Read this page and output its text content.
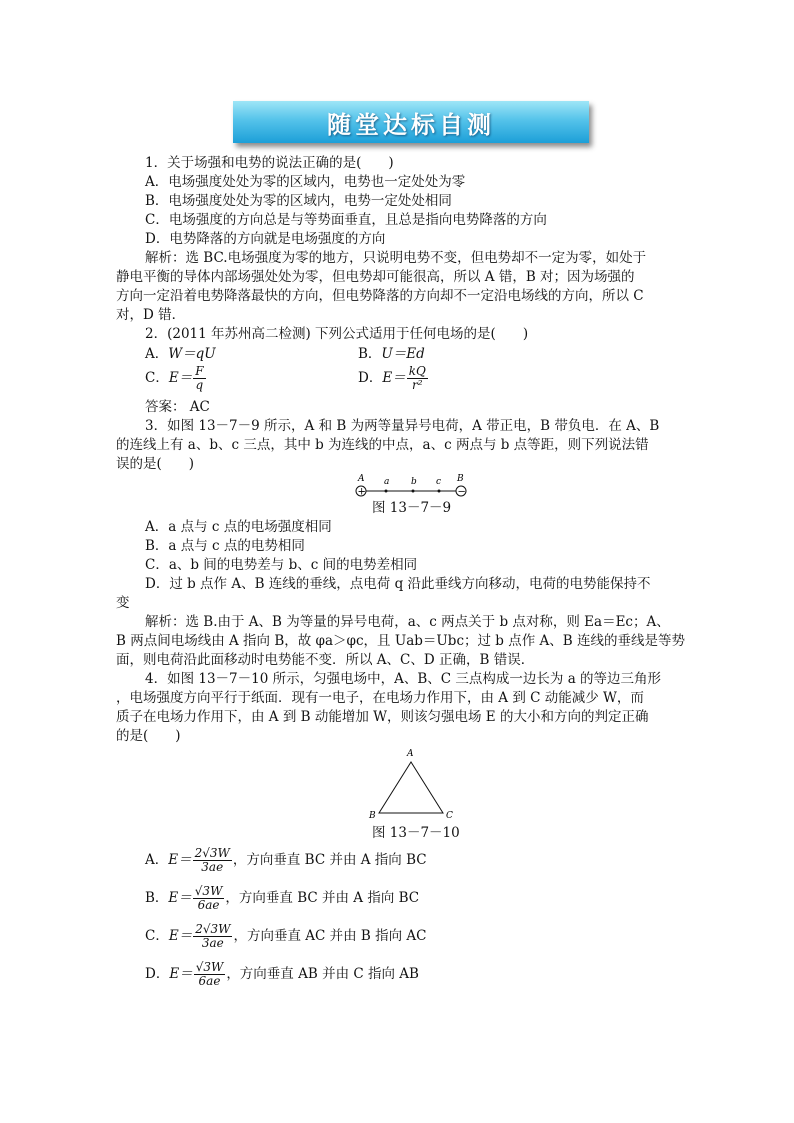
随堂达标自测
1．关于场强和电势的说法正确的是(　　)
A．电场强度处处为零的区域内，电势也一定处处为零
B．电场强度处处为零的区域内，电势一定处处相同
C．电场强度的方向总是与等势面垂直，且总是指向电势降落的方向
D．电势降落的方向就是电场强度的方向
解析：选 BC.电场强度为零的地方，只说明电势不变，但电势却不一定为零，如处于
静电平衡的导体内部场强处处为零，但电势却可能很高，所以 A 错，B 对；因为场强的
方向一定沿着电势降落最快的方向，但电势降落的方向却不一定沿电场线的方向，所以 C
对，D 错．
2．(2011 年苏州高二检测) 下列公式适用于任何电场的是(　　)
A．W＝qU	B．U＝Ed
C．$E= \frac{F}{q}$	D．$E= \frac{kQ}{\text{r²}}$
答案： AC
3．如图 13－7－9 所示，A 和 B 为两等量异号电荷，A 带正电，B 带负电．在 A、B
的连线上有 a、b、c 三点，其中 b 为连线的中点，a、c 两点与 b 点等距，则下列说法错
误的是(　　)
A a b c B
+	−
图 13－7－9
A．a 点与 c 点的电场强度相同
B．a 点与 c 点的电势相同
C．a、b 间的电势差与 b、c 间的电势差相同
D．过 b 点作 A、B 连线的垂线，点电荷 q 沿此垂线方向移动，电荷的电势能保持不
变
解析：选 B.由于 A、B 为等量的异号电荷，a、c 两点关于 b 点对称，则 Ea＝Ec；A、
B 两点间电场线由 A 指向 B，故 φa＞φc，且 Uab＝Ubc；过 b 点作 A、B 连线的垂线是等势
面，则电荷沿此面移动时电势能不变．所以 A、C、D 正确，B 错误．
4．如图 13－7－10 所示，匀强电场中，A、B、C 三点构成一边长为 a 的等边三角形
，电场强度方向平行于纸面．现有一电子，在电场力作用下，由 A 到 C 动能减少 W，而
质子在电场力作用下，由 A 到 B 动能增加 W，则该匀强电场 E 的大小和方向的判定正确
的是(　　)
A
B	C
图 13－7－10
A．$E= \frac{2√3W}{3ae}$ ，方向垂直 BC 并由 A 指向 BC
B．$E= \frac{√3W}{6ae}$ ，方向垂直 BC 并由 A 指向 BC
C．$E= \frac{2√3W}{3ae}$ ，方向垂直 AC 并由 B 指向 AC
D．$E= \frac{√3W}{6ae}$ ，方向垂直 AB 并由 C 指向 AB
